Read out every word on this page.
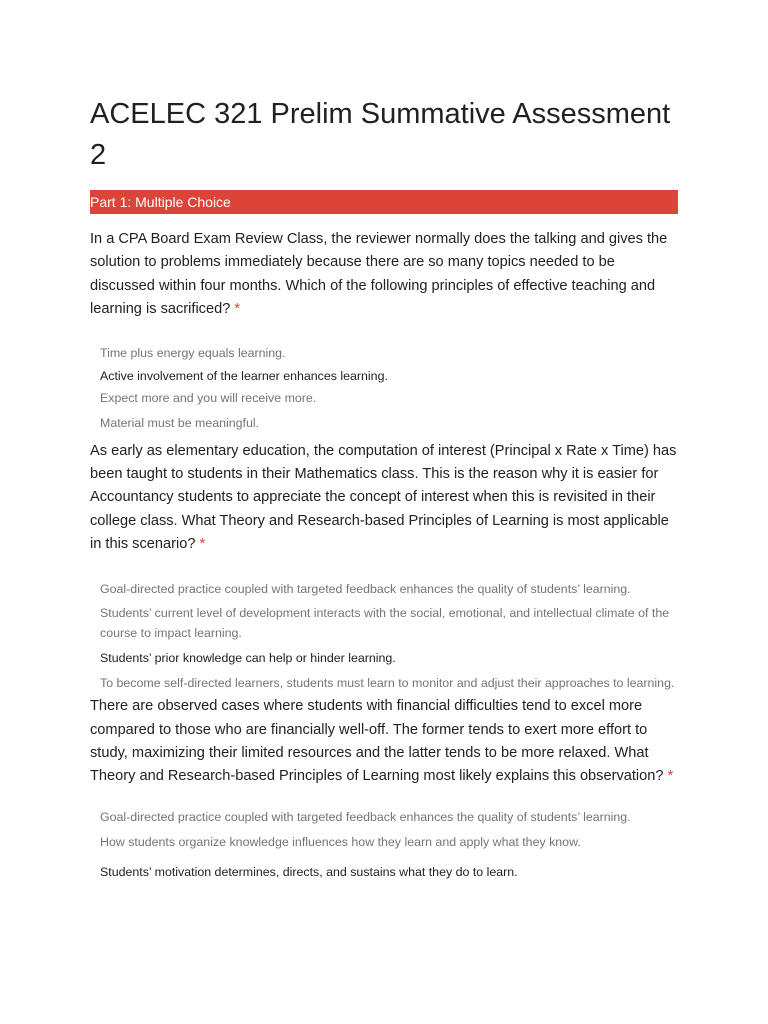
ACELEC 321 Prelim Summative Assessment 2
Part 1: Multiple Choice

In a CPA Board Exam Review Class, the reviewer normally does the talking and gives the solution to problems immediately because there are so many topics needed to be discussed within four months. Which of the following principles of effective teaching and learning is sacrificed? *

Time plus energy equals learning.
Active involvement of the learner enhances learning.
Expect more and you will receive more.
Material must be meaningful.

As early as elementary education, the computation of interest (Principal x Rate x Time) has been taught to students in their Mathematics class. This is the reason why it is easier for Accountancy students to appreciate the concept of interest when this is revisited in their college class. What Theory and Research-based Principles of Learning is most applicable in this scenario? *

Goal-directed practice coupled with targeted feedback enhances the quality of students’ learning.
Students’ current level of development interacts with the social, emotional, and intellectual climate of the course to impact learning.
Students’ prior knowledge can help or hinder learning.
To become self-directed learners, students must learn to monitor and adjust their approaches to learning.

There are observed cases where students with financial difficulties tend to excel more compared to those who are financially well-off. The former tends to exert more effort to study, maximizing their limited resources and the latter tends to be more relaxed. What Theory and Research-based Principles of Learning most likely explains this observation? *

Goal-directed practice coupled with targeted feedback enhances the quality of students’ learning.
How students organize knowledge influences how they learn and apply what they know.
Students’ motivation determines, directs, and sustains what they do to learn.
